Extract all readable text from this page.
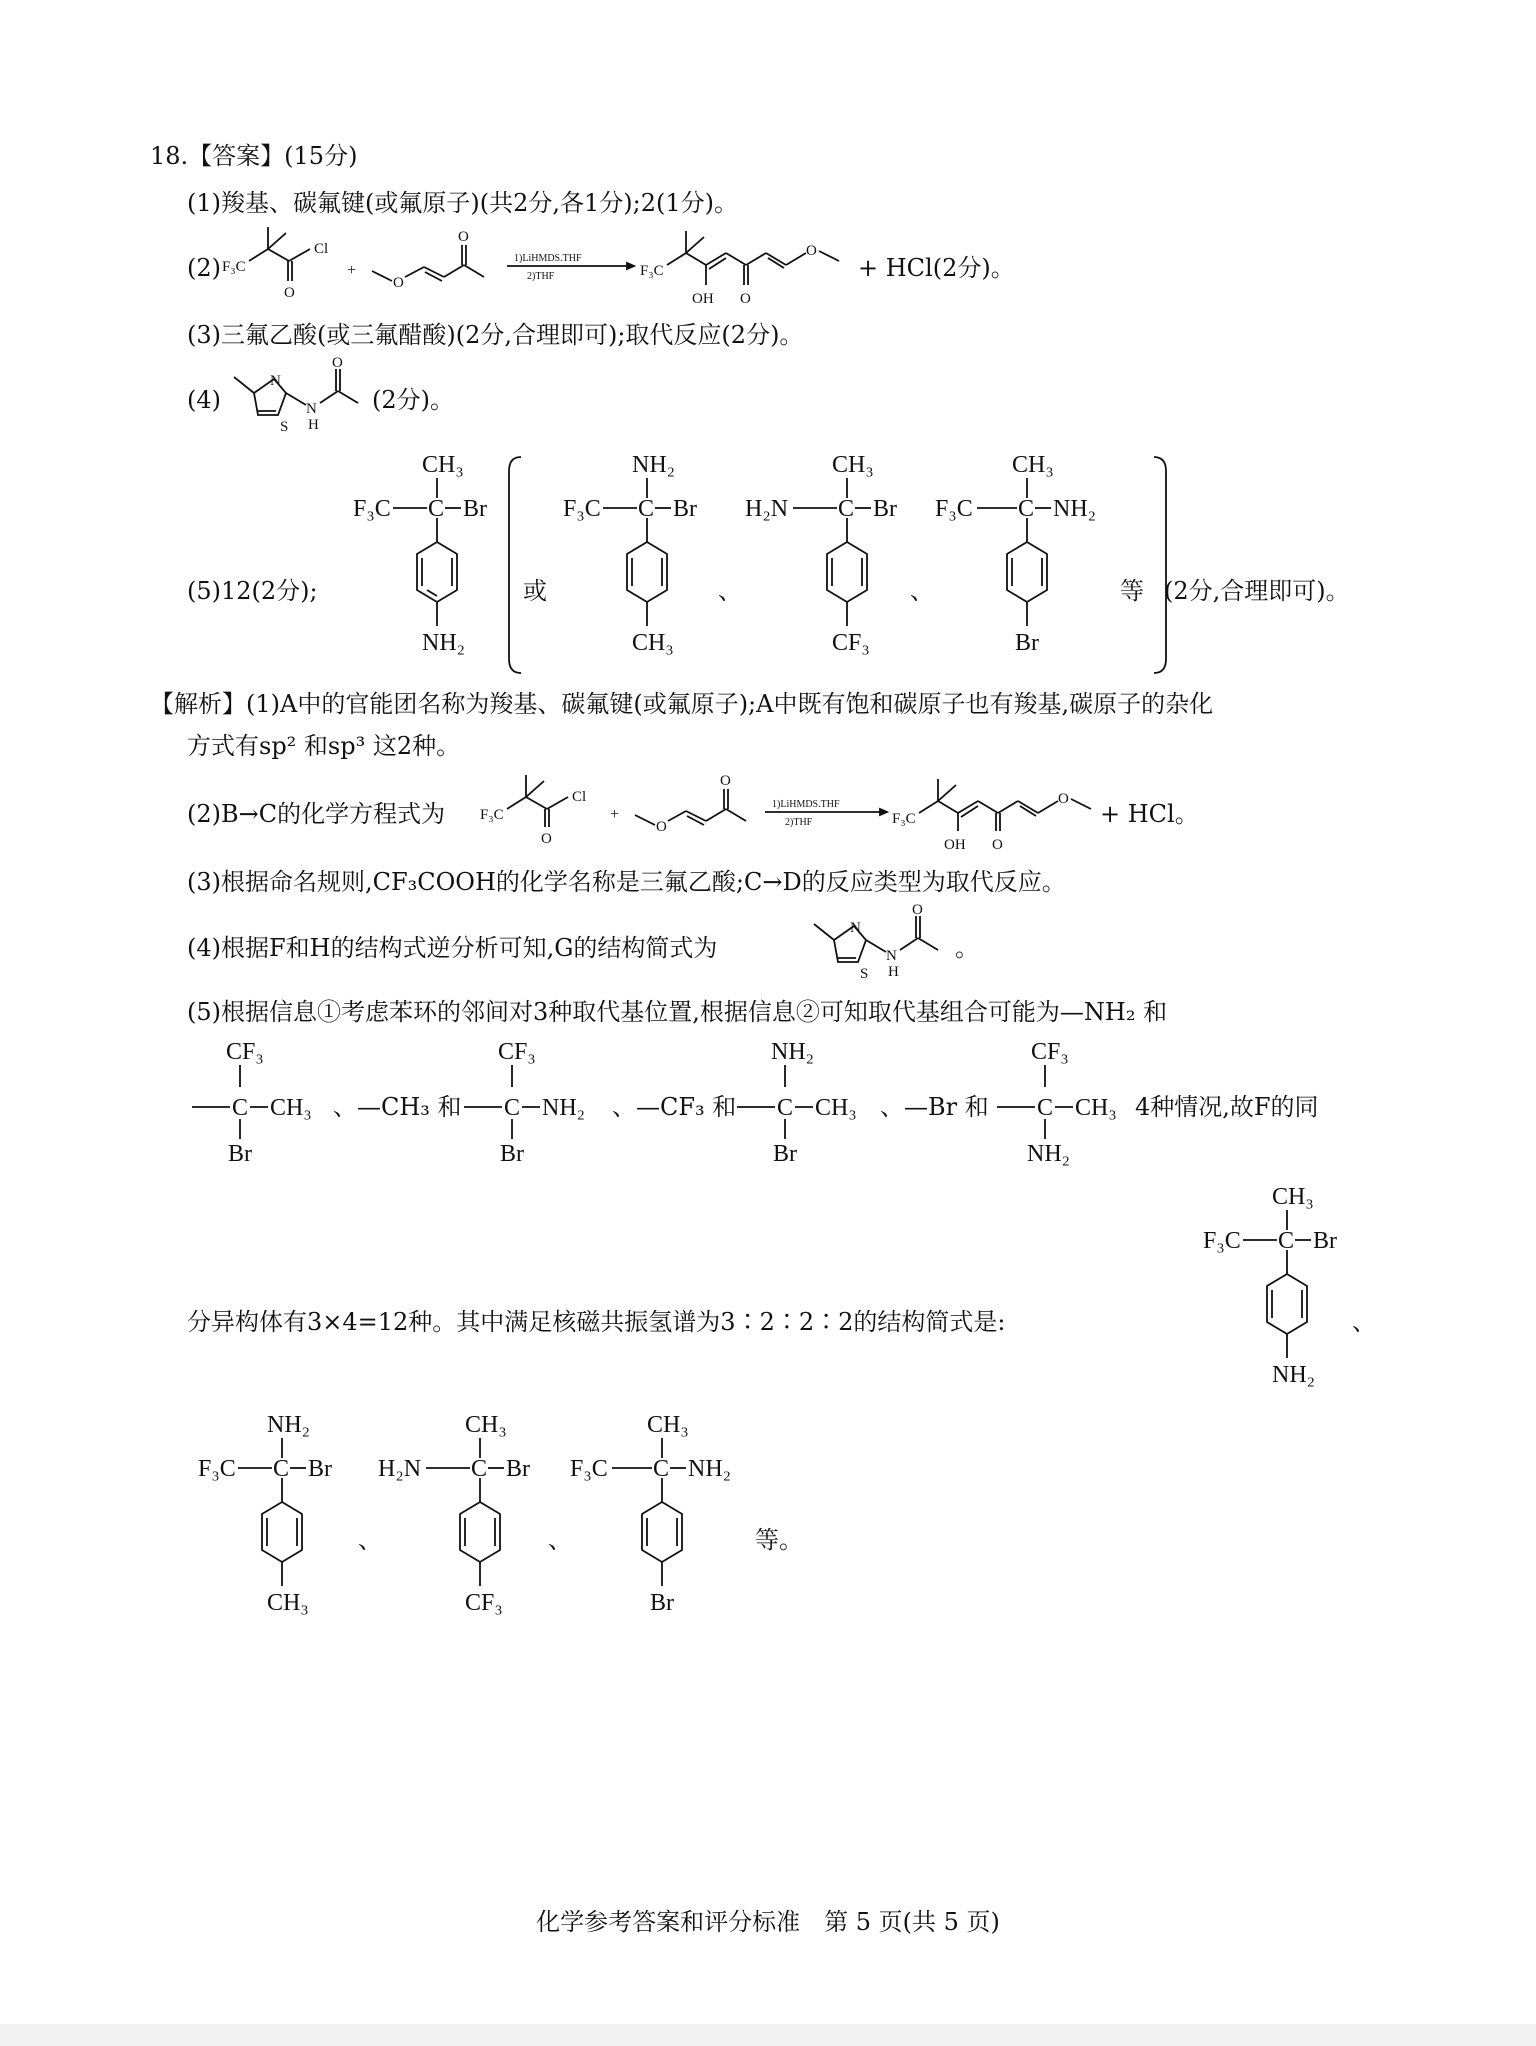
18.【答案】(15分)
(1)羧基、碳氟键(或氟原子)(共2分,各1分);2(1分)。
(2) F₃C
O
Cl
+
O
O
1)LiHMDS.THF
2)THF	F₃C
OH O
O
+ HCl(2分)。
(3)三氟乙酸(或三氟醋酸)(2分,合理即可);取代反应(2分)。
(4)
N
S
N
H
O
(2分)。
(5)12(2分);
CH₃
F₃C C Br
NH₂
或
NH₂
F₃C C Br
CH₃
、
CH₃
H₂N C Br
CF₃
、
CH₃
F₃C C NH₂
Br
等 (2分,合理即可)。
【解析】(1)A中的官能团名称为羧基、碳氟键(或氟原子);A中既有饱和碳原子也有羧基,碳原子的杂化
方式有sp² 和sp³ 这2种。
(2)B→C的化学方程式为 F₃C
O
Cl
+
O
O
1)LiHMDS.THF
2)THF	F₃C
OH O
O
+ HCl。
(3)根据命名规则,CF₃COOH的化学名称是三氟乙酸;C→D的反应类型为取代反应。
(4)根据F和H的结构式逆分析可知,G的结构简式为
N
S
N
H
O
。
(5)根据信息①考虑苯环的邻间对3种取代基位置,根据信息②可知取代基组合可能为—NH₂ 和
CF₃
C CH₃
Br
、—CH₃ 和
CF₃
C NH₂
Br
、—CF₃ 和
NH₂
C CH₃
Br
、—Br 和
CF₃
C CH₃
NH₂
4种情况,故F的同
分异构体有3×4=12种。其中满足核磁共振氢谱为3∶2∶2∶2的结构简式是:
CH₃
F₃C C Br
NH₂
、
NH₂
F₃C C Br
CH₃
、
CH₃
H₂N C Br
CF₃
、
CH₃
F₃C C NH₂
Br
等。
化学参考答案和评分标准　第 5 页(共 5 页)
